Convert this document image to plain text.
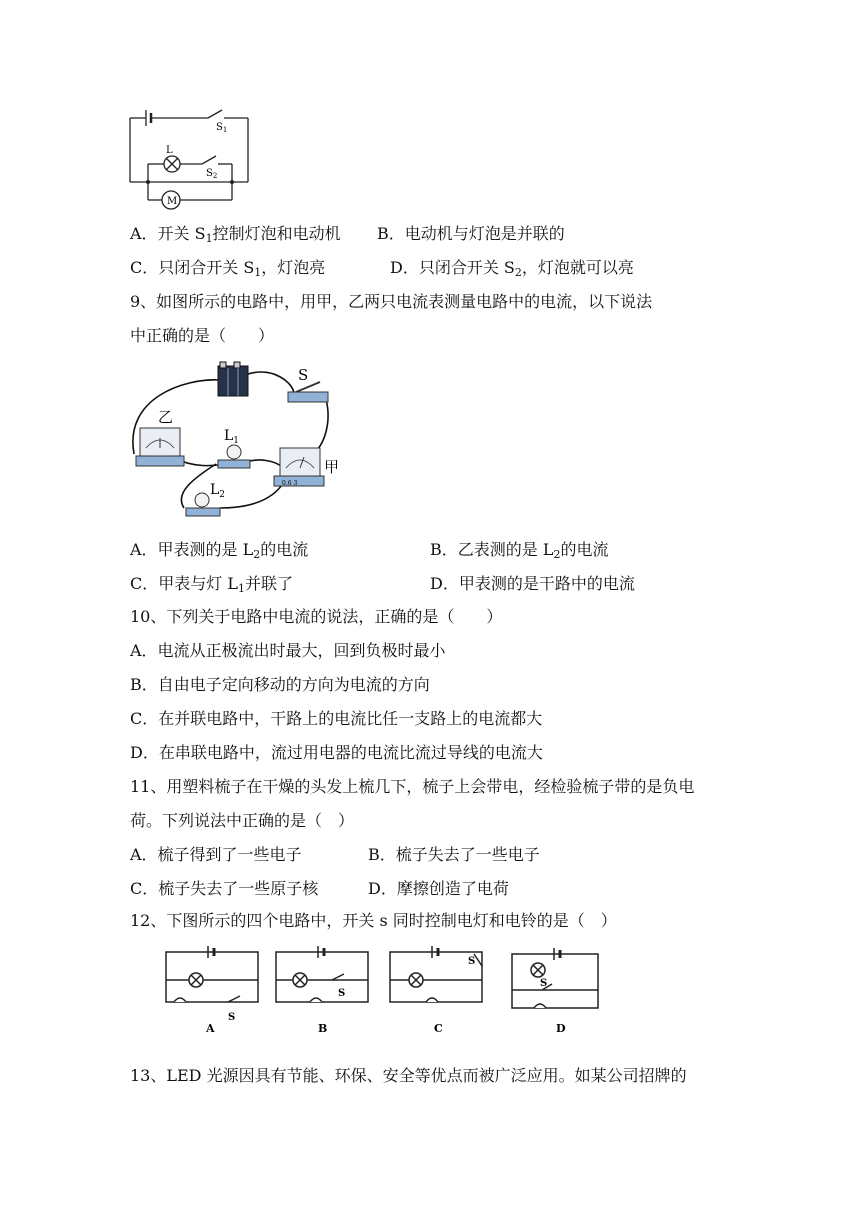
$S_1$
L
$S_2$
M
A．开关 $S_1$控制灯泡和电动机 B．电动机与灯泡是并联的
C．只闭合开关 $S_1$，灯泡亮	D．只闭合开关 $S_2$，灯泡就可以亮
9、如图所示的电路中，用甲，乙两只电流表测量电路中的电流，以下说法
中正确的是（　　）
S
乙
$L_1$
甲
0.6 3
$L_2$
A．甲表测的是 $L_2$的电流	B．乙表测的是 $L_2$的电流
C．甲表与灯 $L_1$并联了	D．甲表测的是干路中的电流
10、下列关于电路中电流的说法，正确的是（　　）
A．电流从正极流出时最大，回到负极时最小
B．自由电子定向移动的方向为电流的方向
C．在并联电路中，干路上的电流比任一支路上的电流都大
D．在串联电路中，流过用电器的电流比流过导线的电流大
11、用塑料梳子在干燥的头发上梳几下，梳子上会带电，经检验梳子带的是负电
荷。下列说法中正确的是（　）
A．梳子得到了一些电子	B．梳子失去了一些电子
C．梳子失去了一些原子核	D．摩擦创造了电荷
12、下图所示的四个电路中，开关 s 同时控制电灯和电铃的是（　）
S
S
S
S
A	B	C	D
13、LED 光源因具有节能、环保、安全等优点而被广泛应用。如某公司招牌的
